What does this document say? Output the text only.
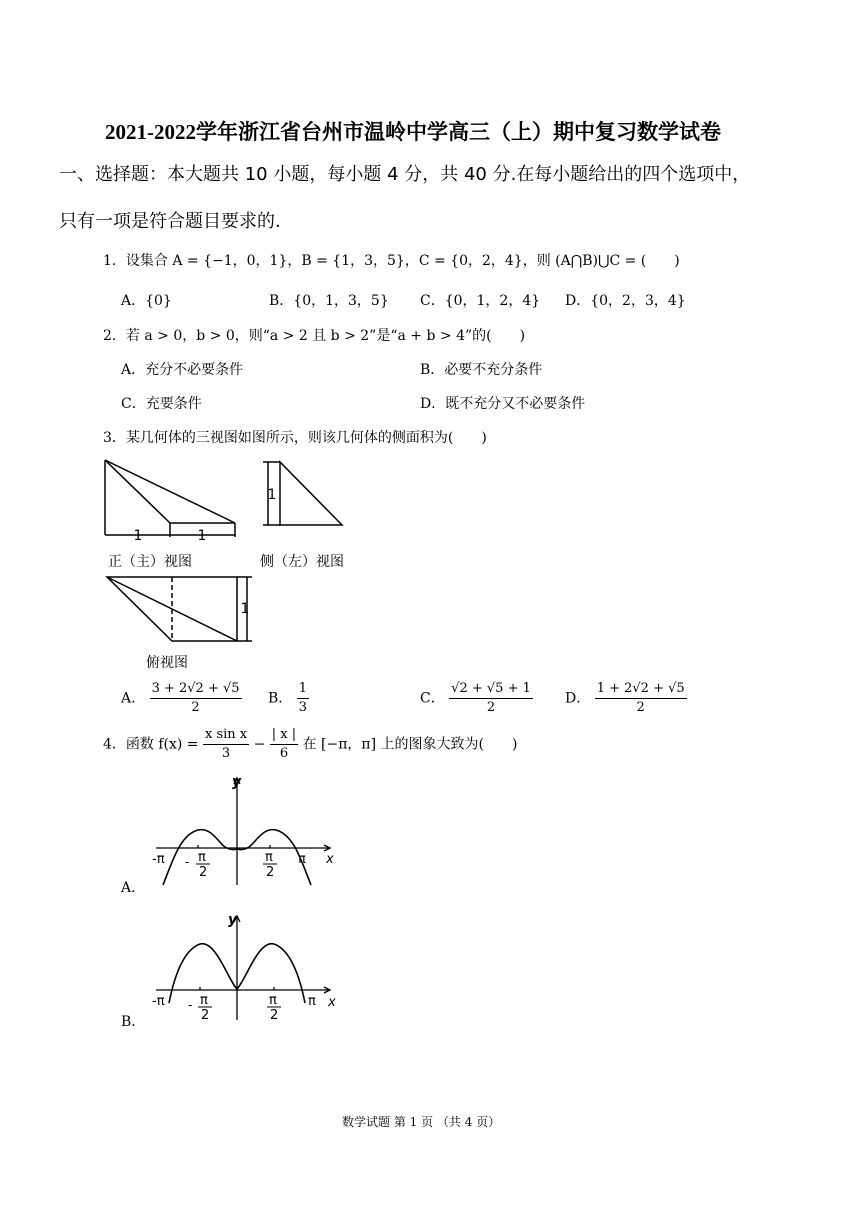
2021-2022学年浙江省台州市温岭中学高三（上）期中复习数学试卷
一、选择题：本大题共 10 小题，每小题 4 分，共 40 分.在每小题给出的四个选项中，
只有一项是符合题目要求的.
1．设集合 A = {−1，0，1}，B = {1，3，5}，C = {0，2，4}，则 (A⋂B)⋃C = (　　)
A．{0}	B．{0，1，3，5} C．{0，1，2，4} D．{0，2，3，4}
2．若 a > 0，b > 0，则“a > 2 且 b > 2”是“a + b > 4”的(　　)
A．充分不必要条件	B．必要不充分条件
C．充要条件	D．既不充分又不必要条件
3．某几何体的三视图如图所示，则该几何体的侧面积为(　　)
1	1
正（主）视图
1
侧（左）视图
1
俯视图
A． $\frac{3 + 2√2 + √5}{2}$ B． $\frac{1}{3}$	C． $\frac{√2 + √5 + 1}{2}$ D． $\frac{1 + 2√2 + √5}{2}$
4．函数 $f(x) = \frac{\text{x sin x}}{3} - \frac{| x |}{6}$ 在 [−π，π] 上的图象大致为(　　)
A．
y
x
-π	π
- π
2
π
2
B．
y
x
-π	π
- π
2
π
2
数学试题 第 1 页 （共 4 页）
